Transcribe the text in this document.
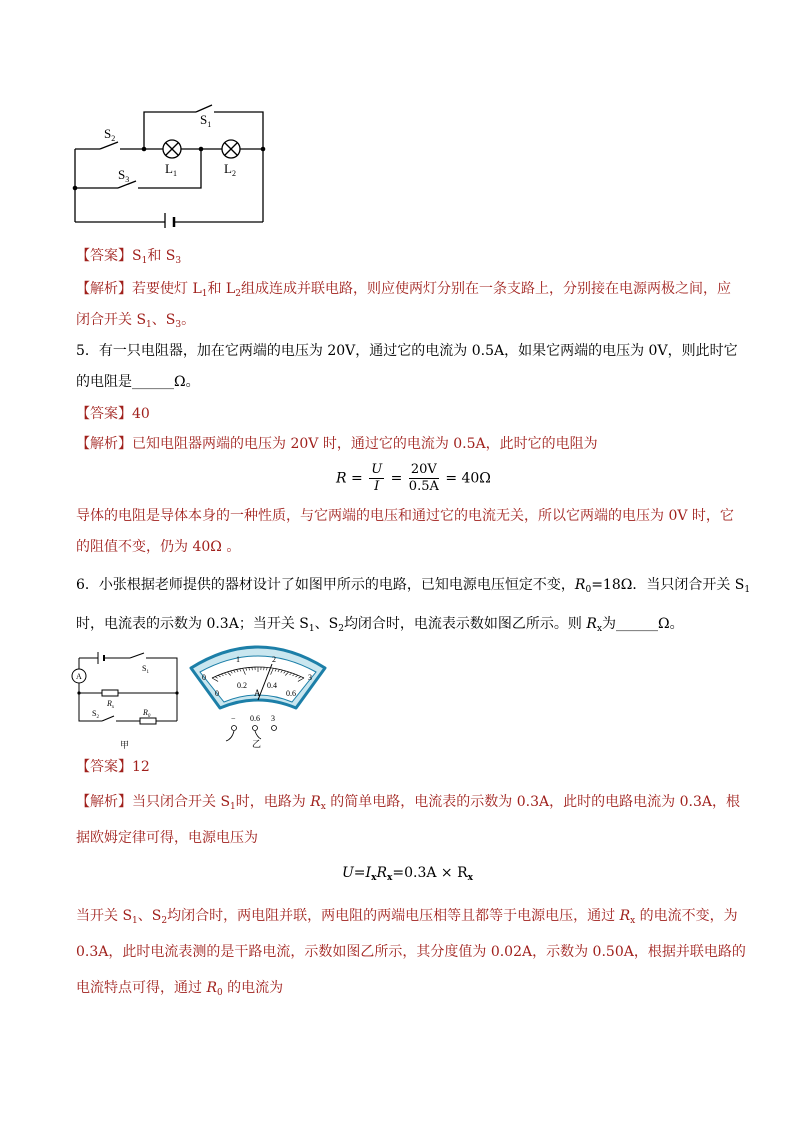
$S_1$
$S_2$
$S_3$
$L_1$	$L_2$
【答案】$S_1$和 $S_3$
【解析】若要使灯 $L_1$和 $L_2$组成连成并联电路，则应使两灯分别在一条支路上，分别接在电源两极之间，应
闭合开关 $S_1$、$S_3$。
5．有一只电阻器，加在它两端的电压为 20V，通过它的电流为 0.5A，如果它两端的电压为 0V，则此时它
的电阻是______Ω。
【答案】40
【解析】已知电阻器两端的电压为 20V 时，通过它的电流为 0.5A，此时它的电阻为
$R = \frac{U}{I} = \frac{20V}{0.5A} = 40\Omega$
导体的电阻是导体本身的一种性质，与它两端的电压和通过它的电流无关，所以它两端的电压为 0V 时，它
的阻值不变，仍为 40Ω 。
6．小张根据老师提供的器材设计了如图甲所示的电路，已知电源电压恒定不变，$R_0=18\Omega$．当只闭合开关 $S_1$
时，电流表的示数为 0.3A；当开关 $S_1$、$S_2$均闭合时，电流表示数如图乙所示。则 $R_x$为______Ω。
A
$S_1$
$S_2$
$R_x$
$R_0$
甲
0
1	2
3
0
0.2	0.4
0.6
A
− 0.6 3
乙
【答案】12
【解析】当只闭合开关 $S_1$时，电路为 $R_x$ 的简单电路，电流表的示数为 0.3A，此时的电路电流为 0.3A，根
据欧姆定律可得，电源电压为
$U=I_xR_x=0.3A \times R_x$
当开关 $S_1$、$S_2$均闭合时，两电阻并联，两电阻的两端电压相等且都等于电源电压，通过 $R_x$ 的电流不变，为
0.3A，此时电流表测的是干路电流，示数如图乙所示，其分度值为 0.02A，示数为 0.50A，根据并联电路的
电流特点可得，通过 $R_0$ 的电流为
